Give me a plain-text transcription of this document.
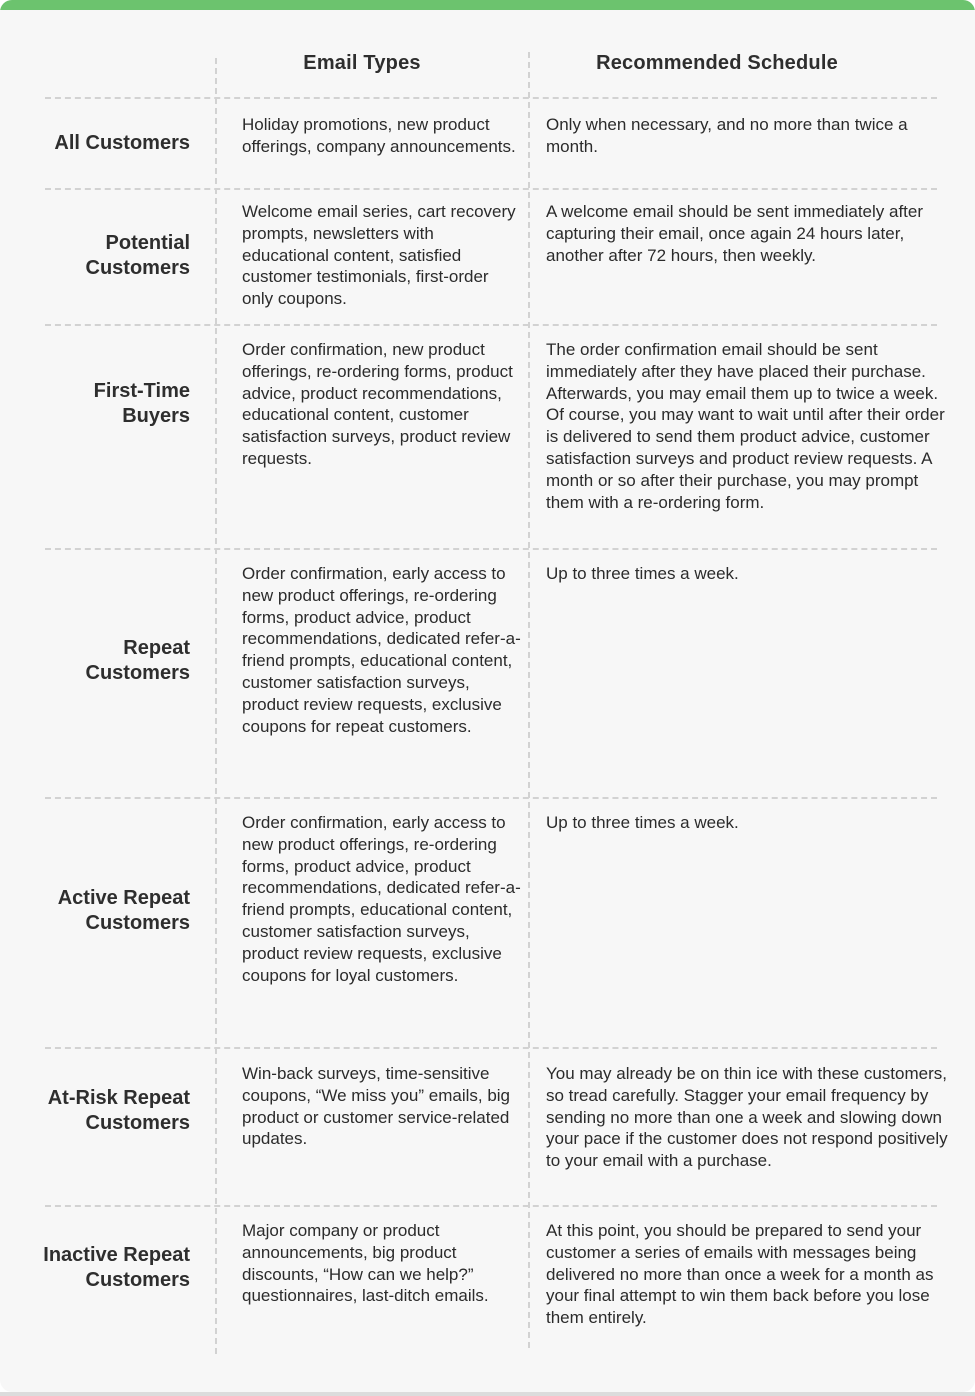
Email Types	Recommended Schedule
All Customers
Holiday promotions, new product offerings, company announcements.
Only when necessary, and no more than twice a month.
Potential
Customers
Welcome email series, cart recovery prompts, newsletters with educational content, satisfied customer testimonials, first-order only coupons.
A welcome email should be sent immediately after capturing their email, once again 24 hours later, another after 72 hours, then weekly.
First-Time
Buyers
Order confirmation, new product offerings, re-ordering forms, product advice, product recommendations, educational content, customer satisfaction surveys, product review requests.
The order confirmation email should be sent immediately after they have placed their purchase. Afterwards, you may email them up to twice a week. Of course, you may want to wait until after their order is delivered to send them product advice, customer satisfaction surveys and product review requests. A month or so after their purchase, you may prompt them with a re-ordering form.
Repeat
Customers
Order confirmation, early access to new product offerings, re-ordering forms, product advice, product recommendations, dedicated refer-a-friend prompts, educational content, customer satisfaction surveys, product review requests, exclusive coupons for repeat customers.
Up to three times a week.
Active Repeat
Customers
Order confirmation, early access to new product offerings, re-ordering forms, product advice, product recommendations, dedicated refer-a-friend prompts, educational content, customer satisfaction surveys, product review requests, exclusive coupons for loyal customers.
Up to three times a week.
At-Risk Repeat
Customers
Win-back surveys, time-sensitive coupons, “We miss you” emails, big product or customer service-related updates.
You may already be on thin ice with these customers, so tread carefully. Stagger your email frequency by sending no more than one a week and slowing down your pace if the customer does not respond positively to your email with a purchase.
Inactive Repeat
Customers
Major company or product announcements, big product discounts, “How can we help?” questionnaires, last-ditch emails.
At this point, you should be prepared to send your customer a series of emails with messages being delivered no more than once a week for a month as your final attempt to win them back before you lose them entirely.
